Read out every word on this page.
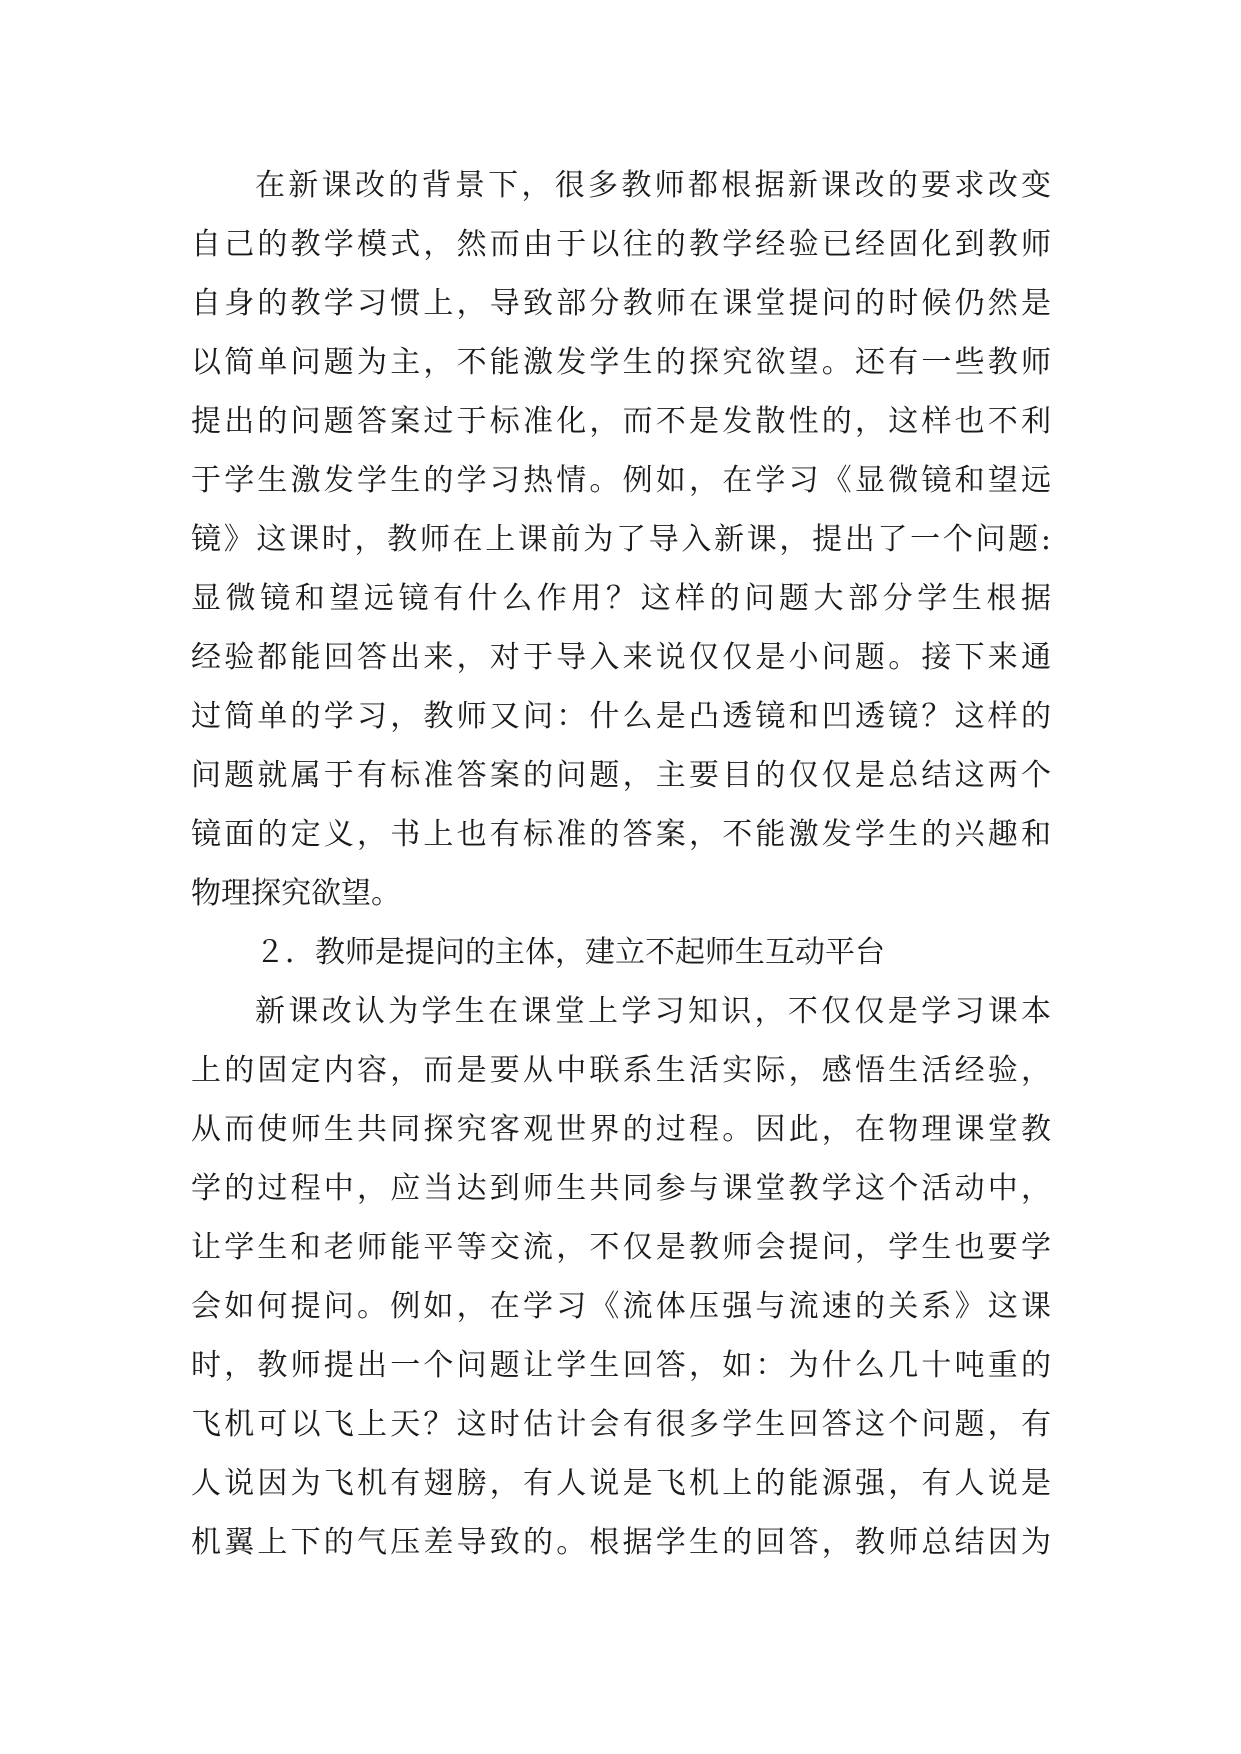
在新课改的背景下，很多教师都根据新课改的要求改变
自己的教学模式，然而由于以往的教学经验已经固化到教师
自身的教学习惯上，导致部分教师在课堂提问的时候仍然是
以简单问题为主，不能激发学生的探究欲望。还有一些教师
提出的问题答案过于标准化，而不是发散性的，这样也不利
于学生激发学生的学习热情。例如，在学习《显微镜和望远
镜》这课时，教师在上课前为了导入新课，提出了一个问题:
显微镜和望远镜有什么作用？这样的问题大部分学生根据
经验都能回答出来，对于导入来说仅仅是小问题。接下来通
过简单的学习，教师又问：什么是凸透镜和凹透镜？这样的
问题就属于有标准答案的问题，主要目的仅仅是总结这两个
镜面的定义，书上也有标准的答案，不能激发学生的兴趣和
物理探究欲望。
２．教师是提问的主体，建立不起师生互动平台
新课改认为学生在课堂上学习知识，不仅仅是学习课本
上的固定内容，而是要从中联系生活实际，感悟生活经验，
从而使师生共同探究客观世界的过程。因此，在物理课堂教
学的过程中，应当达到师生共同参与课堂教学这个活动中，
让学生和老师能平等交流，不仅是教师会提问，学生也要学
会如何提问。例如，在学习《流体压强与流速的关系》这课
时，教师提出一个问题让学生回答，如：为什么几十吨重的
飞机可以飞上天？这时估计会有很多学生回答这个问题，有
人说因为飞机有翅膀，有人说是飞机上的能源强，有人说是
机翼上下的气压差导致的。根据学生的回答，教师总结因为
